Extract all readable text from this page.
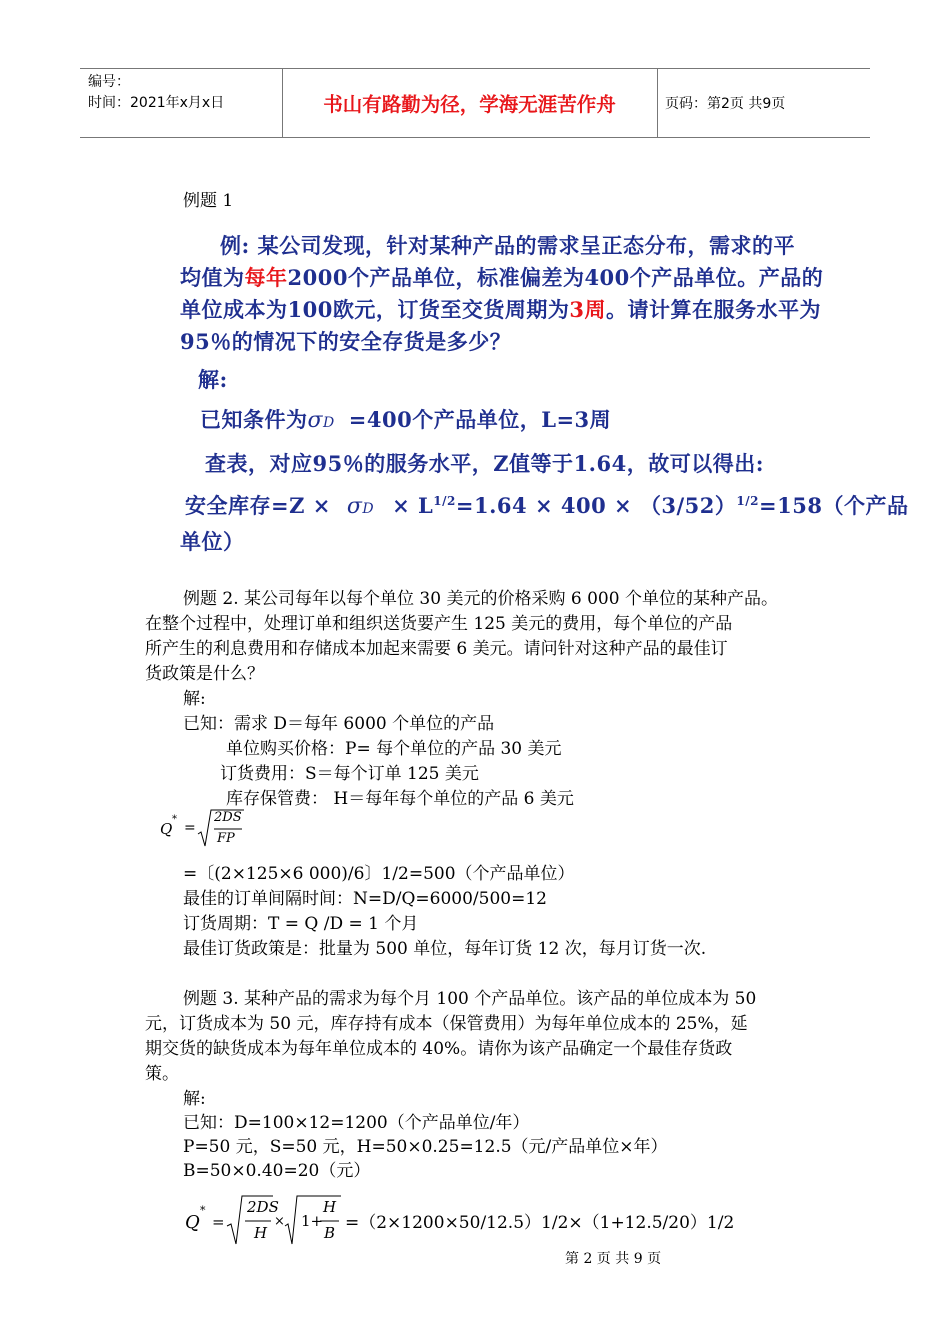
编号：
时间：2021年x月x日	书山有路勤为径，学海无涯苦作舟	页码：第2页 共9页
例题 1
例: 某公司发现，针对某种产品的需求呈正态分布，需求的平
均值为每年2000个产品单位，标准偏差为400个产品单位。产品的
单位成本为100欧元，订货至交货周期为3周。请计算在服务水平为
95％的情况下的安全存货是多少？
解:
已知条件为σD =400个产品单位，L=3周
查表，对应95％的服务水平，Z值等于1.64，故可以得出:
安全库存$=Z \times \sigma D \times L^{1/2}=1.64 \times 400 \times (3/52)^{1/2}=158$（个产品
单位）
例题 2. 某公司每年以每个单位 30 美元的价格采购 6 000 个单位的某种产品。
在整个过程中，处理订单和组织送货要产生 125 美元的费用，每个单位的产品
所产生的利息费用和存储成本加起来需要 6 美元。请问针对这种产品的最佳订
货政策是什么？
解:
已知：需求 D＝每年 6000 个单位的产品
单位购买价格：P= 每个单位的产品 30 美元
订货费用：S＝每个订单 125 美元
库存保管费： H＝每年每个单位的产品 6 美元
Q
*
=
2DS
FP
=〔(2×125×6 000)/6〕1/2=500（个产品单位）
最佳的订单间隔时间：N=D/Q=6000/500=12
订货周期：T = Q /D = 1 个月
最佳订货政策是：批量为 500 单位，每年订货 12 次，每月订货一次.
例题 3. 某种产品的需求为每个月 100 个产品单位。该产品的单位成本为 50
元，订货成本为 50 元，库存持有成本（保管费用）为每年单位成本的 25%，延
期交货的缺货成本为每年单位成本的 40%。请你为该产品确定一个最佳存货政
策。
解:
已知：D=100×12=1200（个产品单位/年）
P=50 元，S=50 元，H=50×0.25=12.5（元/产品单位×年）
B=50×0.40=20（元）
Q
*
=
2DS
H
× 1+
H
B =（2×1200×50/12.5）1/2×（1+12.5/20）1/2
第 2 页 共 9 页
